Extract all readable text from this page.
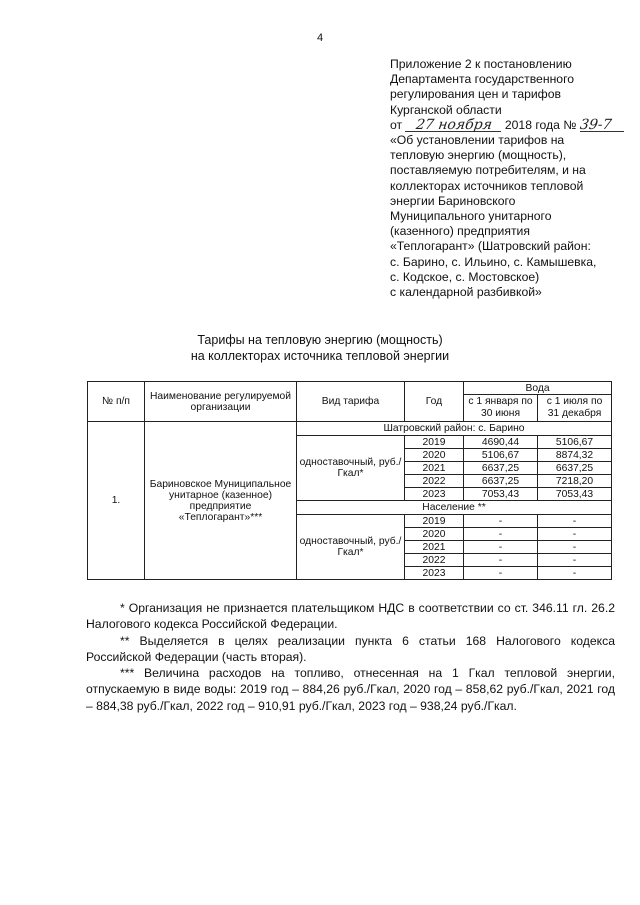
4
Приложение 2 к постановлению
Департамента государственного
регулирования цен и тарифов
Курганской области
от 27 ноября 2018 года № 39-7
«Об установлении тарифов на
тепловую энергию (мощность),
поставляемую потребителям, и на
коллекторах источников тепловой
энергии Бариновского
Муниципального унитарного
(казенного) предприятия
«Теплогарант» (Шатровский район:
с. Барино, с. Ильино, с. Камышевка,
с. Кодское, с. Мостовское)
с календарной разбивкой»
Тарифы на тепловую энергию (мощность)
на коллекторах источника тепловой энергии
№ п/п	Наименование регулируемой организации	Вид тарифа	Год	Вода	
				с 1 января по 30 июня	с 1 июля по 31 декабря
1.	Бариновское Муниципальное унитарное (казенное) предприятие «Теплогарант»***	Шатровский район: с. Барино			
		одноставочный, руб./Гкал*	2019	4690,44	5106,67
			2020	5106,67	8874,32
			2021	6637,25	6637,25
			2022	6637,25	7218,20
			2023	7053,43	7053,43
		Население **			
		одноставочный, руб./Гкал*	2019	-	-
			2020	-	-
			2021	-	-
			2022	-	-
			2023	-	-

* Организация не признается плательщиком НДС в соответствии со ст. 346.11 гл. 26.2 Налогового кодекса Российской Федерации.

** Выделяется в целях реализации пункта 6 статьи 168 Налогового кодекса Российской Федерации (часть вторая).

*** Величина расходов на топливо, отнесенная на 1 Гкал тепловой энергии, отпускаемую в виде воды: 2019 год – 884,26 руб./Гкал, 2020 год – 858,62 руб./Гкал, 2021 год – 884,38 руб./Гкал, 2022 год – 910,91 руб./Гкал, 2023 год – 938,24 руб./Гкал.
